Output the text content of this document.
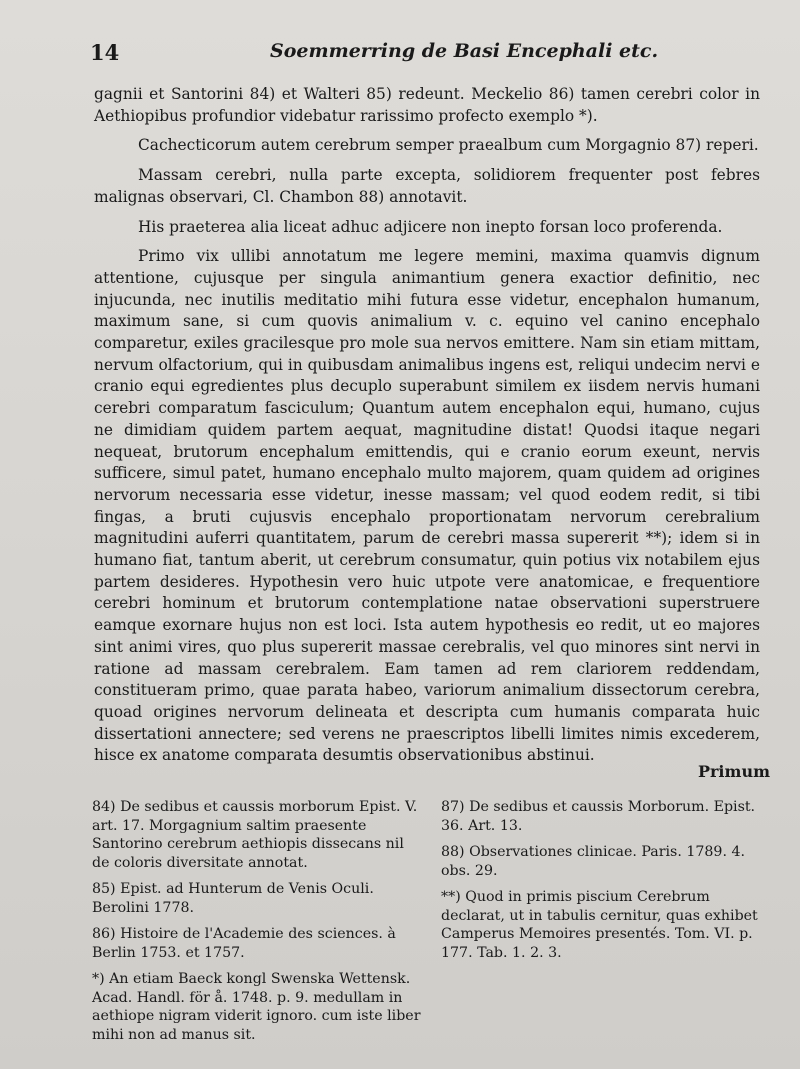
14	Soemmerring de Basi Encephali etc.

gagnii et Santorini 84) et Walteri 85) redeunt. Meckelio 86) tamen cerebri color in Aethiopibus profundior videbatur rarissimo profecto exemplo *).

Cachecticorum autem cerebrum semper praealbum cum Morgagnio 87) reperi.

Massam cerebri, nulla parte excepta, solidiorem frequenter post febres malignas observari, Cl. Chambon 88) annotavit.

His praeterea alia liceat adhuc adjicere non inepto forsan loco proferenda.

Primo vix ullibi annotatum me legere memini, maxima quamvis dignum attentione, cujusque per singula animantium genera exactior definitio, nec injucunda, nec inutilis meditatio mihi futura esse videtur, encephalon humanum, maximum sane, si cum quovis animalium v. c. equino vel canino encephalo comparetur, exiles gracilesque pro mole sua nervos emittere. Nam sin etiam mittam, nervum olfactorium, qui in quibusdam animalibus ingens est, reliqui undecim nervi e cranio equi egredientes plus decuplo superabunt similem ex iisdem nervis humani cerebri comparatum fasciculum; Quantum autem encephalon equi, humano, cujus ne dimidiam quidem partem aequat, magnitudine distat! Quodsi itaque negari nequeat, brutorum encephalum emittendis, qui e cranio eorum exeunt, nervis sufficere, simul patet, humano encephalo multo majorem, quam quidem ad origines nervorum necessaria esse videtur, inesse massam; vel quod eodem redit, si tibi fingas, a bruti cujusvis encephalo proportionatam nervorum cerebralium magnitudini auferri quantitatem, parum de cerebri massa supererit **); idem si in humano fiat, tantum aberit, ut cerebrum consumatur, quin potius vix notabilem ejus partem desideres. Hypothesin vero huic utpote vere anatomicae, e frequentiore cerebri hominum et brutorum contemplatione natae observationi superstruere eamque exornare hujus non est loci. Ista autem hypothesis eo redit, ut eo majores sint animi vires, quo plus supererit massae cerebralis, vel quo minores sint nervi in ratione ad massam cerebralem. Eam tamen ad rem clariorem reddendam, constitueram primo, quae parata habeo, variorum animalium dissectorum cerebra, quoad origines nervorum delineata et descripta cum humanis comparata huic dissertationi annectere; sed verens ne praescriptos libelli limites nimis excederem, hisce ex anatome comparata desumtis observationibus abstinui.

Primum

84) De sedibus et caussis morborum Epist. V. art. 17. Morgagnium saltim praesente Santorino cerebrum aethiopis dissecans nil de coloris diversitate annotat.

85) Epist. ad Hunterum de Venis Oculi. Berolini 1778.

86) Histoire de l'Academie des sciences. à Berlin 1753. et 1757.

*) An etiam Baeck kongl Swenska Wettensk. Acad. Handl. för å. 1748. p. 9. medullam in aethiope nigram viderit ignoro. cum iste liber mihi non ad manus sit.

87) De sedibus et caussis Morborum. Epist. 36. Art. 13.

88) Observationes clinicae. Paris. 1789. 4. obs. 29.

**) Quod in primis piscium Cerebrum declarat, ut in tabulis cernitur, quas exhibet Camperus Memoires presentés. Tom. VI. p. 177. Tab. 1. 2. 3.
